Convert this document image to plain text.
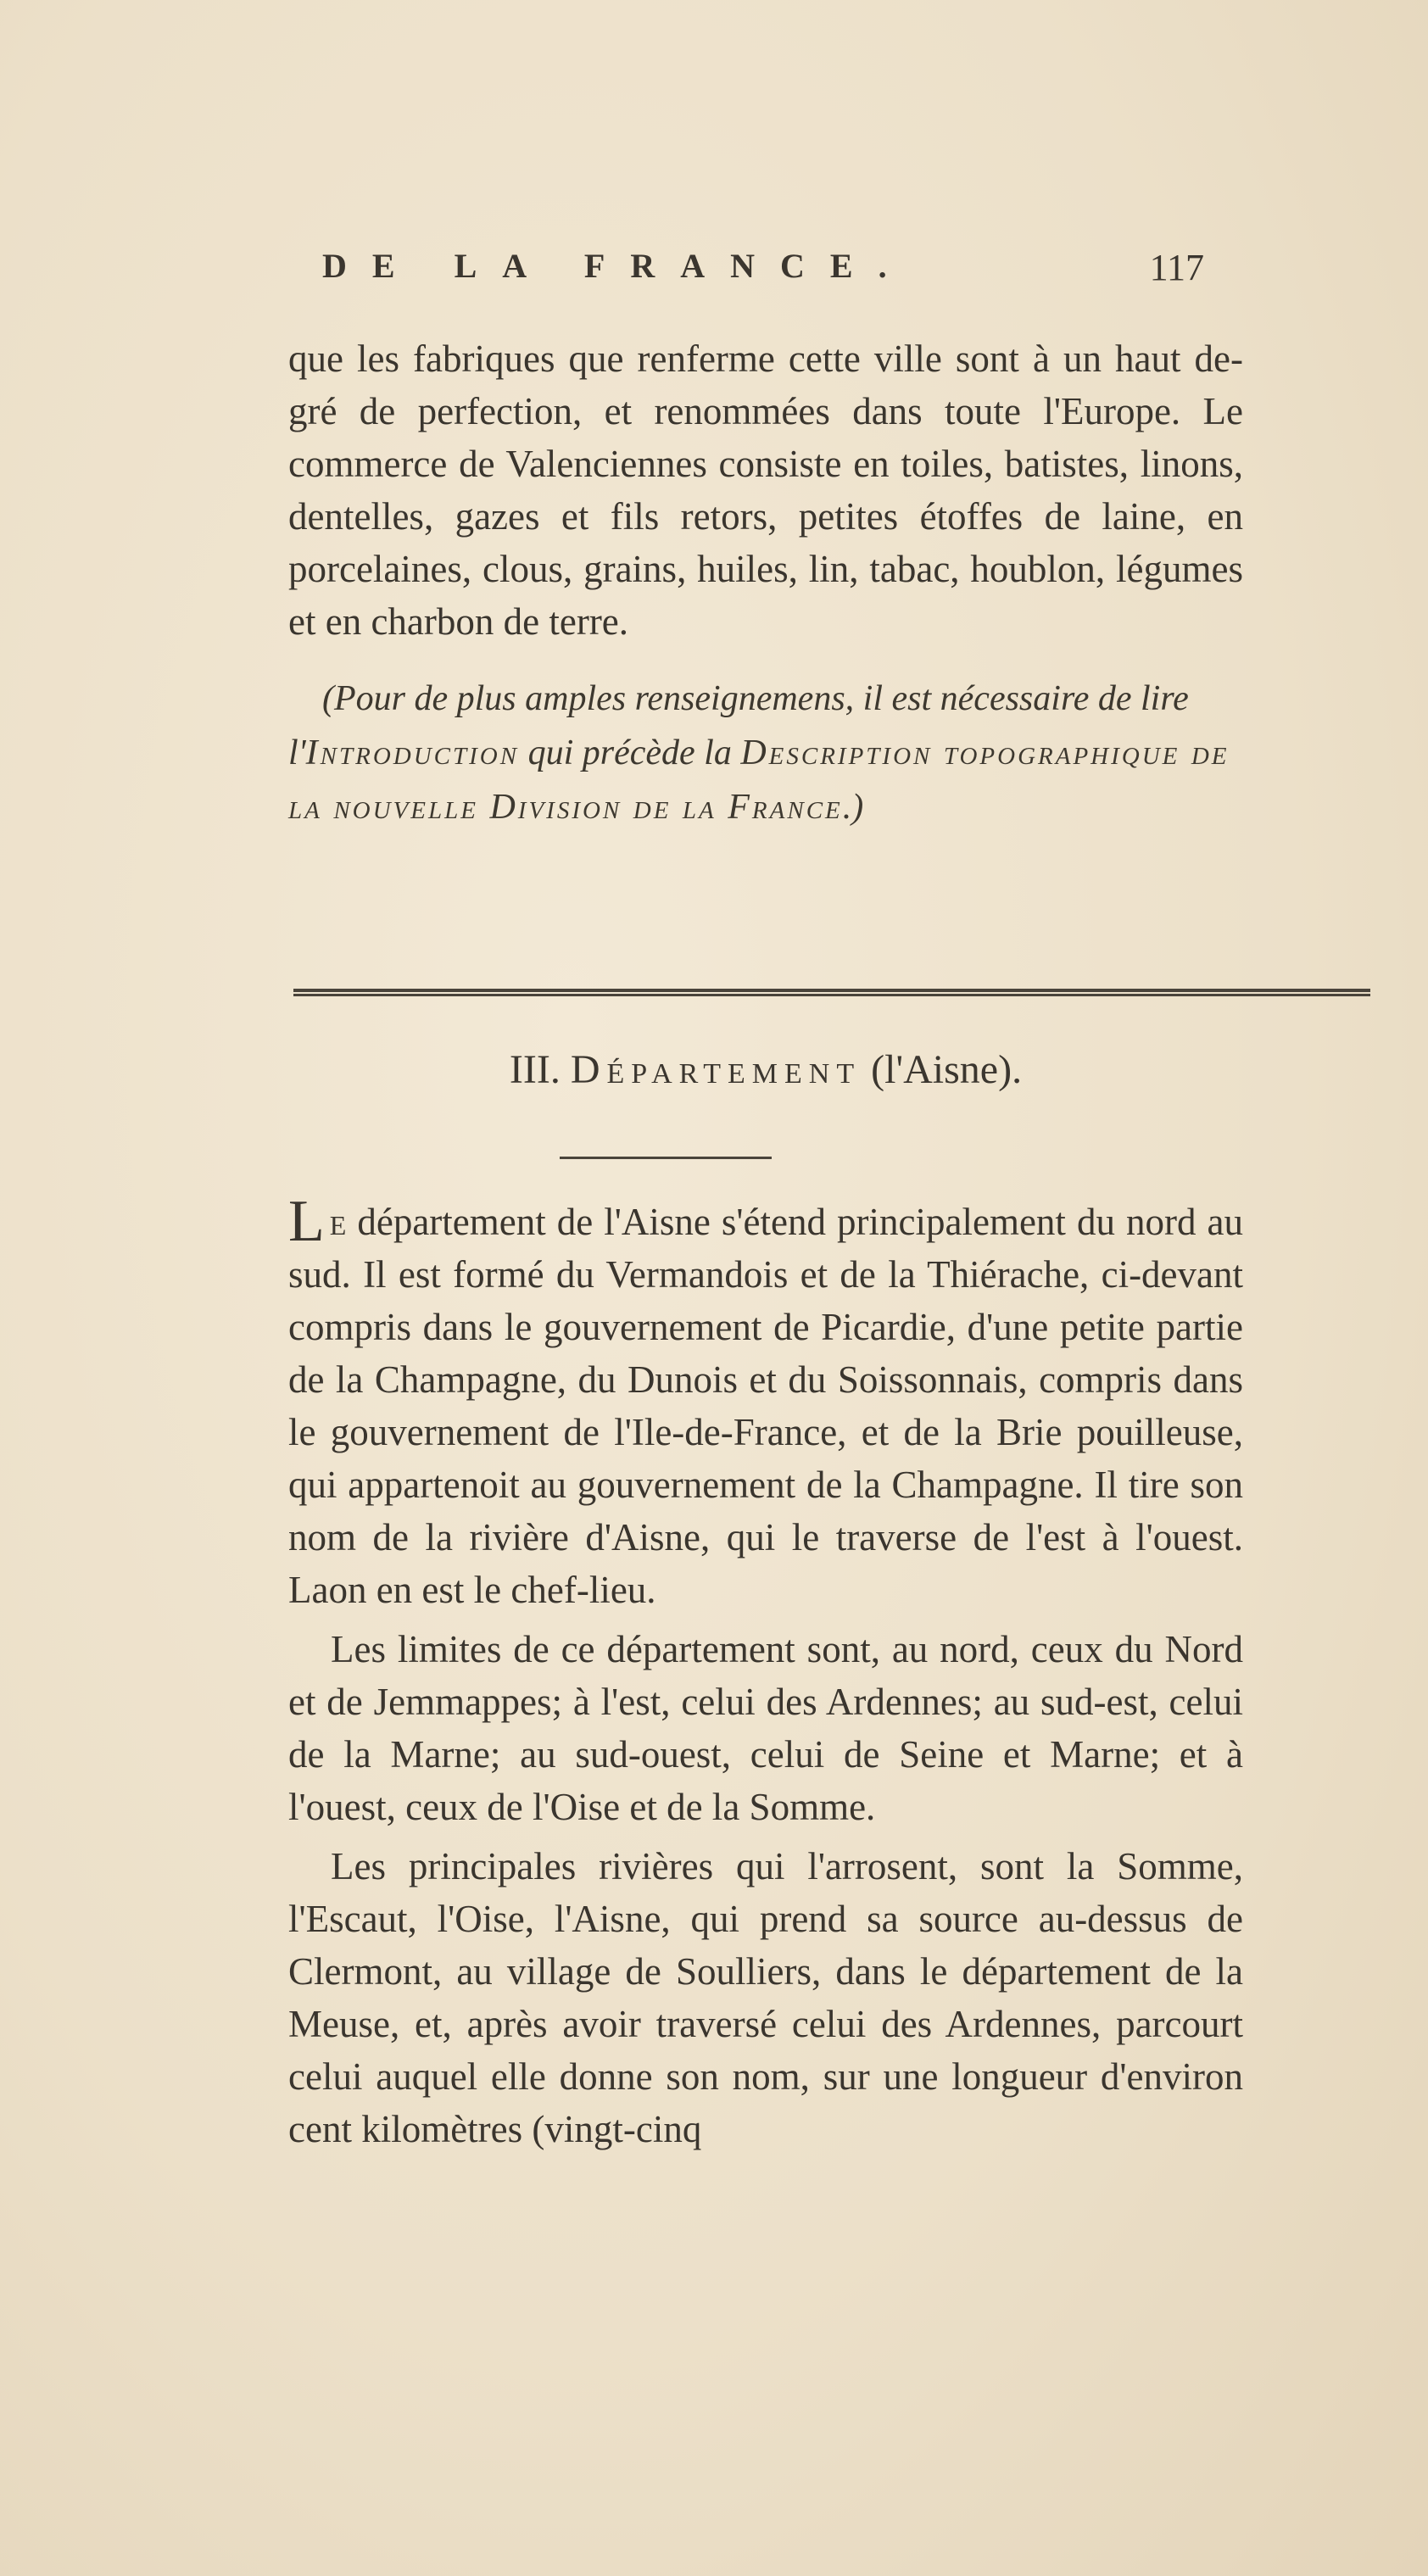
DE LA FRANCE.	117

que les fabriques que renferme cette ville sont à un haut de-gré de perfection, et renommées dans toute l'Europe. Le commerce de Valenciennes consiste en toiles, batistes, linons, dentelles, gazes et fils retors, petites étoffes de laine, en porcelaines, clous, grains, huiles, lin, tabac, houblon, légumes et en charbon de terre.

(Pour de plus amples renseignemens, il est nécessaire de lire l'Introduction qui précède la Description topographique de la nouvelle Division de la France.)
III. Département (l'Aisne).

Le département de l'Aisne s'étend principalement du nord au sud. Il est formé du Vermandois et de la Thiérache, ci-devant compris dans le gouvernement de Picardie, d'une petite partie de la Champagne, du Dunois et du Soissonnais, compris dans le gouvernement de l'Ile-de-France, et de la Brie pouilleuse, qui appartenoit au gouvernement de la Champagne. Il tire son nom de la rivière d'Aisne, qui le traverse de l'est à l'ouest. Laon en est le chef-lieu.

Les limites de ce département sont, au nord, ceux du Nord et de Jemmappes; à l'est, celui des Ardennes; au sud-est, celui de la Marne; au sud-ouest, celui de Seine et Marne; et à l'ouest, ceux de l'Oise et de la Somme.

Les principales rivières qui l'arrosent, sont la Somme, l'Escaut, l'Oise, l'Aisne, qui prend sa source au-dessus de Clermont, au village de Soulliers, dans le département de la Meuse, et, après avoir traversé celui des Ardennes, parcourt celui auquel elle donne son nom, sur une longueur d'environ cent kilomètres (vingt-cinq
